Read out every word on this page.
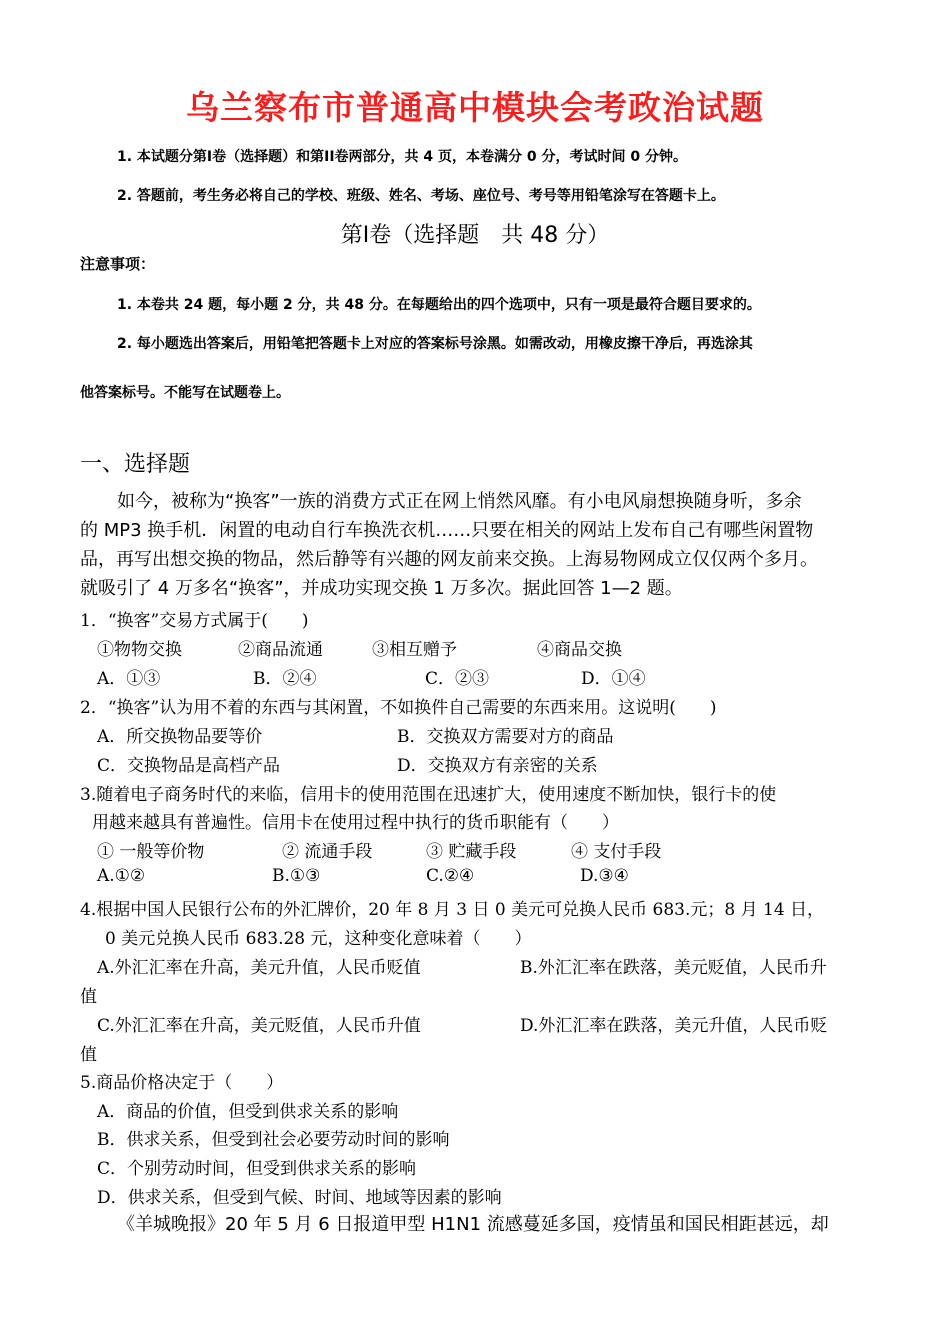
乌兰察布市普通高中模块会考政治试题
1. 本试题分第I卷（选择题）和第II卷两部分，共 4 页，本卷满分 0 分，考试时间 0 分钟。
2. 答题前，考生务必将自己的学校、班级、姓名、考场、座位号、考号等用铅笔涂写在答题卡上。
第I卷（选择题　共 48 分）
注意事项：
1. 本卷共 24 题，每小题 2 分，共 48 分。在每题给出的四个选项中，只有一项是最符合题目要求的。
2. 每小题选出答案后，用铅笔把答题卡上对应的答案标号涂黑。如需改动，用橡皮擦干净后，再选涂其
他答案标号。不能写在试题卷上。
一、选择题
如今，被称为“换客”一族的消费方式正在网上悄然风靡。有小电风扇想换随身听，多余
的 MP3 换手机．闲置的电动自行车换洗衣机……只要在相关的网站上发布自己有哪些闲置物
品，再写出想交换的物品，然后静等有兴趣的网友前来交换。上海易物网成立仅仅两个多月。
就吸引了 4 万多名“换客”，并成功实现交换 1 万多次。据此回答 1—2 题。
1．“换客”交易方式属于(　　)
①物物交换	②商品流通	③相互赠予	④商品交换
A．①③	B．②④	C．②③	D．①④
2．“换客”认为用不着的东西与其闲置，不如换件自己需要的东西来用。这说明(　　)
A．所交换物品要等价	B．交换双方需要对方的商品
C．交换物品是高档产品	D．交换双方有亲密的关系
3.随着电子商务时代的来临，信用卡的使用范围在迅速扩大，使用速度不断加快，银行卡的使
用越来越具有普遍性。信用卡在使用过程中执行的货币职能有（　　）
① 一般等价物	② 流通手段	③ 贮藏手段	④ 支付手段
A.①②	B.①③	C.②④	D.③④
4.根据中国人民银行公布的外汇牌价，20 年 8 月 3 日 0 美元可兑换人民币 683.元；8 月 14 日，
0 美元兑换人民币 683.28 元，这种变化意味着（　　）
A.外汇汇率在升高，美元升值，人民币贬值	B.外汇汇率在跌落，美元贬值，人民币升
值
C.外汇汇率在升高，美元贬值，人民币升值	D.外汇汇率在跌落，美元升值，人民币贬
值
5.商品价格决定于（　　）
A．商品的价值，但受到供求关系的影响
B．供求关系，但受到社会必要劳动时间的影响
C．个别劳动时间，但受到供求关系的影响
D．供求关系，但受到气候、时间、地域等因素的影响
《羊城晚报》20 年 5 月 6 日报道甲型 H1N1 流感蔓延多国，疫情虽和国民相距甚远，却
